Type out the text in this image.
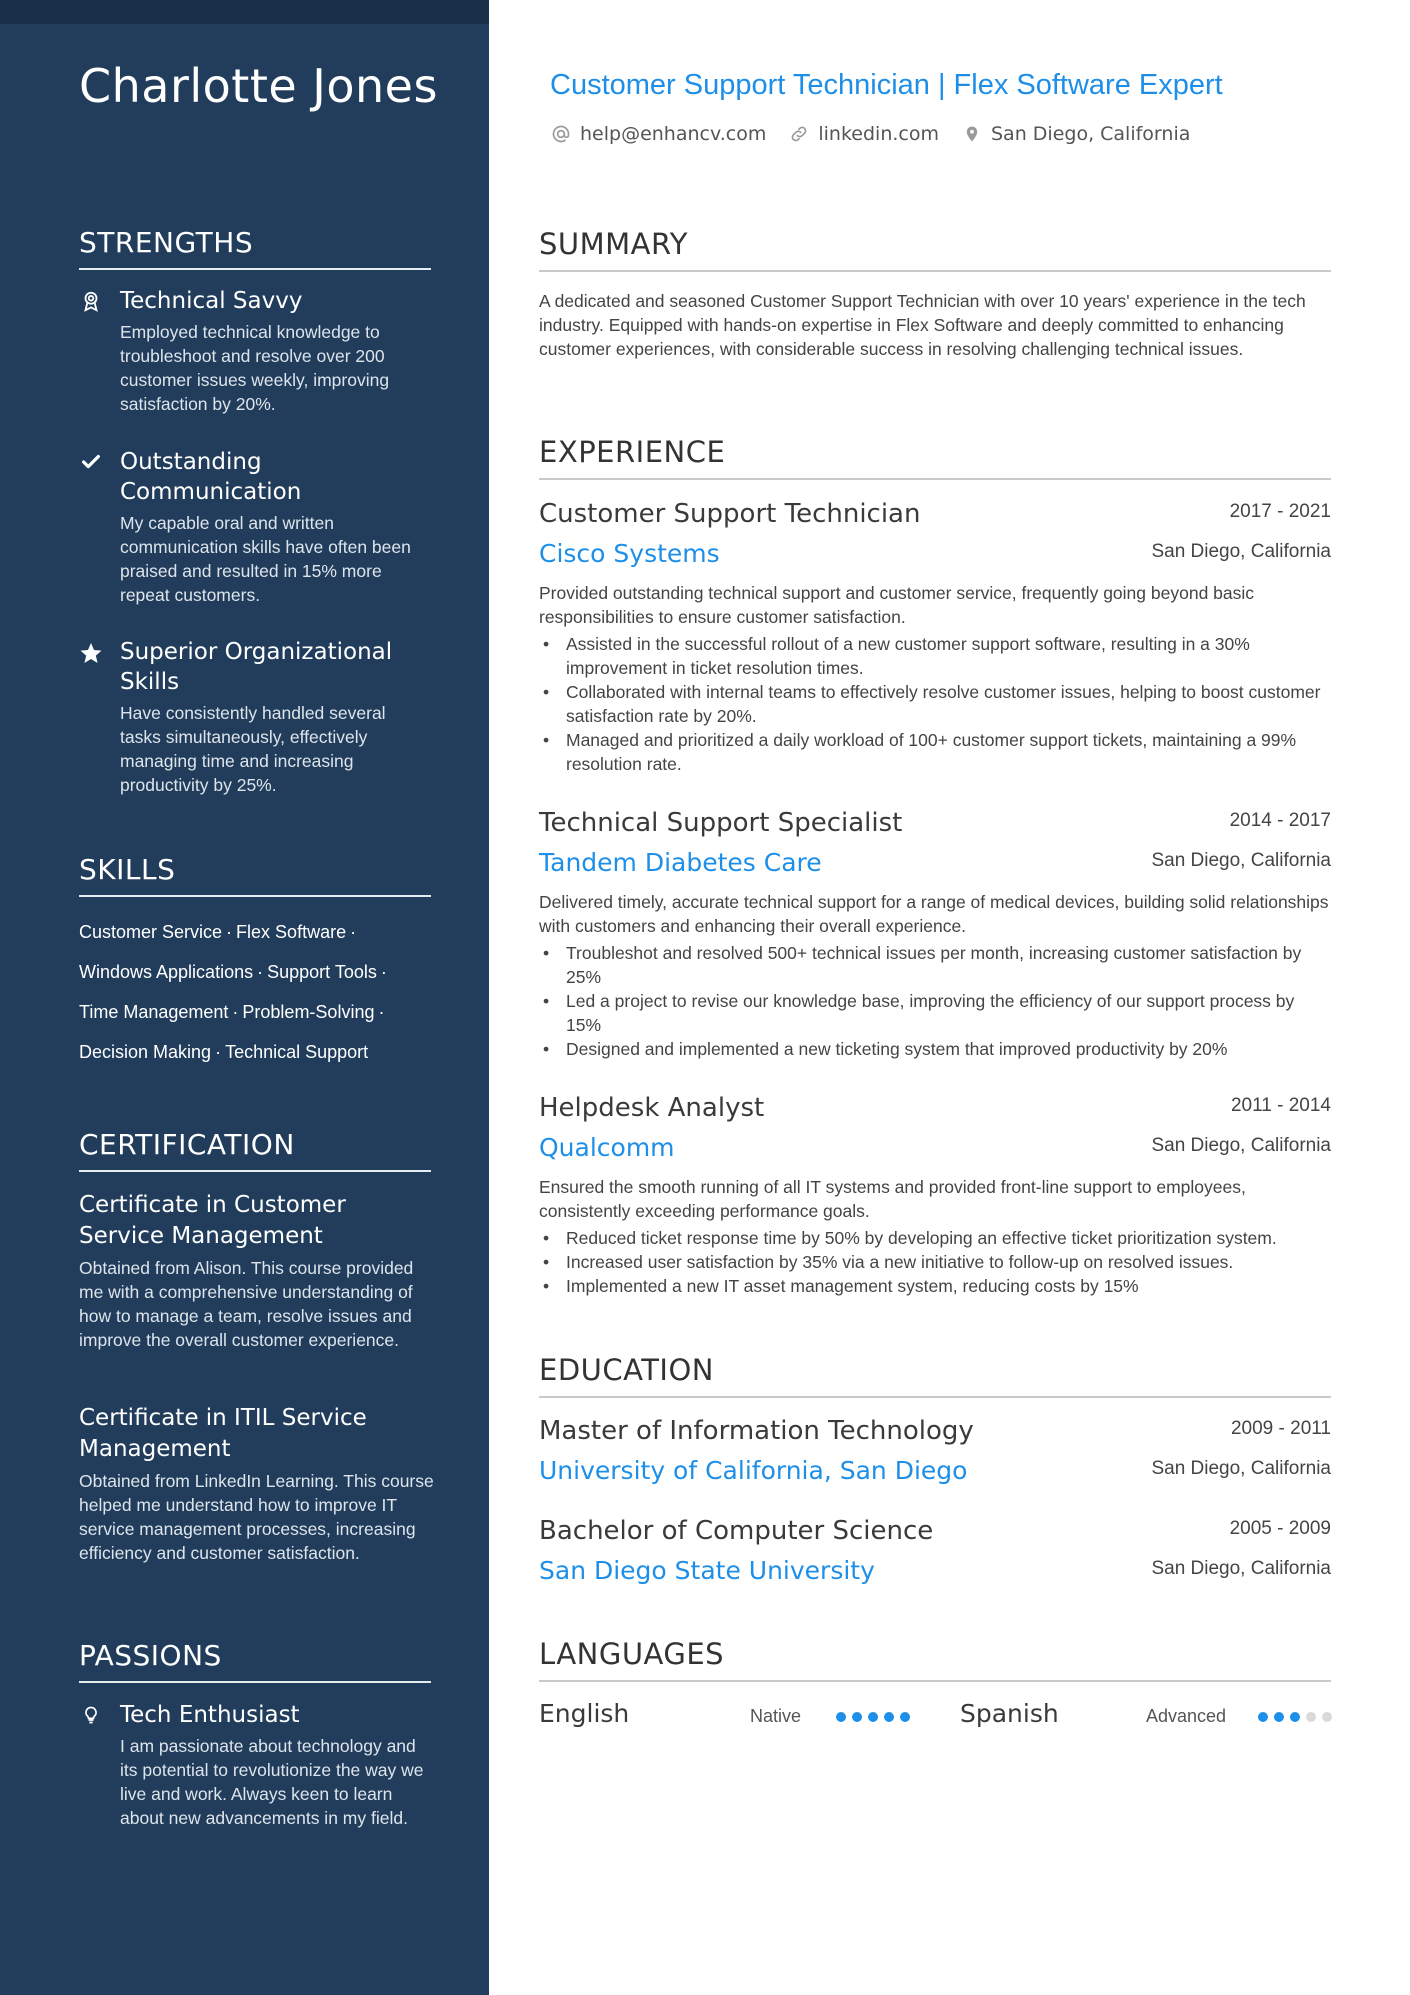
Charlotte Jones
STRENGTHS
Technical Savvy
Employed technical knowledge to troubleshoot and resolve over 200 customer issues weekly, improving satisfaction by 20%.
Outstanding Communication
My capable oral and written communication skills have often been praised and resulted in 15% more repeat customers.
Superior Organizational Skills
Have consistently handled several tasks simultaneously, effectively managing time and increasing productivity by 25%.
SKILLS
Customer Service · Flex Software ·
Windows Applications · Support Tools ·
Time Management · Problem-Solving ·
Decision Making · Technical Support
CERTIFICATION
Certificate in Customer Service Management
Obtained from Alison. This course provided me with a comprehensive understanding of how to manage a team, resolve issues and improve the overall customer experience.
Certificate in ITIL Service Management
Obtained from LinkedIn Learning. This course helped me understand how to improve IT service management processes, increasing efficiency and customer satisfaction.
PASSIONS
Tech Enthusiast
I am passionate about technology and its potential to revolutionize the way we live and work. Always keen to learn about new advancements in my field.
Customer Support Technician | Flex Software Expert
help@enhancv.com	linkedin.com	San Diego, California
SUMMARY
A dedicated and seasoned Customer Support Technician with over 10 years' experience in the tech industry. Equipped with hands-on expertise in Flex Software and deeply committed to enhancing customer experiences, with considerable success in resolving challenging technical issues.
EXPERIENCE
Customer Support Technician	2017 - 2021
Cisco Systems	San Diego, California
Provided outstanding technical support and customer service, frequently going beyond basic responsibilities to ensure customer satisfaction.
• Assisted in the successful rollout of a new customer support software, resulting in a 30% improvement in ticket resolution times.
• Collaborated with internal teams to effectively resolve customer issues, helping to boost customer satisfaction rate by 20%.
• Managed and prioritized a daily workload of 100+ customer support tickets, maintaining a 99% resolution rate.
Technical Support Specialist	2014 - 2017
Tandem Diabetes Care	San Diego, California
Delivered timely, accurate technical support for a range of medical devices, building solid relationships with customers and enhancing their overall experience.
• Troubleshot and resolved 500+ technical issues per month, increasing customer satisfaction by 25%
• Led a project to revise our knowledge base, improving the efficiency of our support process by 15%
• Designed and implemented a new ticketing system that improved productivity by 20%
Helpdesk Analyst	2011 - 2014
Qualcomm	San Diego, California
Ensured the smooth running of all IT systems and provided front-line support to employees, consistently exceeding performance goals.
• Reduced ticket response time by 50% by developing an effective ticket prioritization system.
• Increased user satisfaction by 35% via a new initiative to follow-up on resolved issues.
• Implemented a new IT asset management system, reducing costs by 15%
EDUCATION
Master of Information Technology	2009 - 2011
University of California, San Diego	San Diego, California
Bachelor of Computer Science	2005 - 2009
San Diego State University	San Diego, California
LANGUAGES
English	Native	Spanish	Advanced
